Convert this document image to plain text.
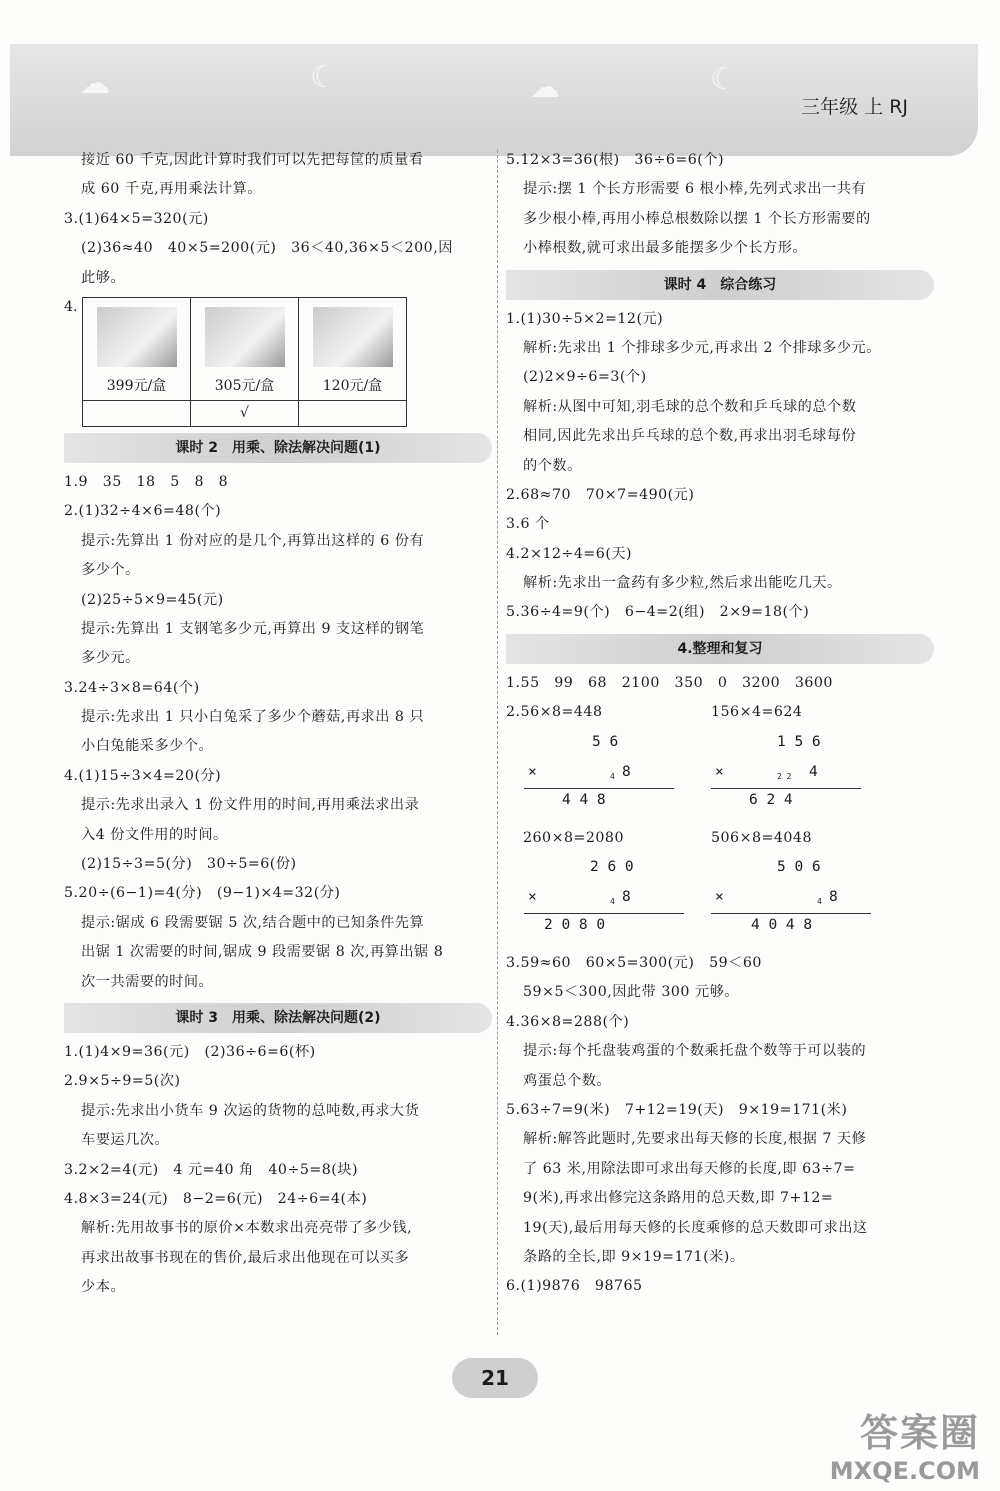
☁	☾	☁	☾
三年级 上 RJ
接近 60 千克,因此计算时我们可以先把每筐的质量看
成 60 千克,再用乘法计算。
3.(1)64×5=320(元)
(2)36≈40　40×5=200(元)　36＜40,36×5＜200,因
此够。
4.
399元/盒	305元/盒	120元/盒

	√	
课时 2　用乘、除法解决问题(1)
1.9　35　18　5　8　8
2.(1)32÷4×6=48(个)
提示:先算出 1 份对应的是几个,再算出这样的 6 份有
多少个。
(2)25÷5×9=45(元)
提示:先算出 1 支钢笔多少元,再算出 9 支这样的钢笔
多少元。
3.24÷3×8=64(个)
提示:先求出 1 只小白兔采了多少个蘑菇,再求出 8 只
小白兔能采多少个。
4.(1)15÷3×4=20(分)
提示:先求出录入 1 份文件用的时间,再用乘法求出录
入4 份文件用的时间。
(2)15÷3=5(分)　30÷5=6(份)
5.20÷(6−1)=4(分)　(9−1)×4=32(分)
提示:锯成 6 段需要锯 5 次,结合题中的已知条件先算
出锯 1 次需要的时间,锯成 9 段需要锯 8 次,再算出锯 8
次一共需要的时间。
课时 3　用乘、除法解决问题(2)
1.(1)4×9=36(元)　(2)36÷6=6(杯)
2.9×5÷9=5(次)
提示:先求出小货车 9 次运的货物的总吨数,再求大货
车要运几次。
3.2×2=4(元)　4 元=40 角　40÷5=8(块)
4.8×3=24(元)　8−2=6(元)　24÷6=4(本)
解析:先用故事书的原价×本数求出亮亮带了多少钱,
再求出故事书现在的售价,最后求出他现在可以买多
少本。
5.12×3=36(根)　36÷6=6(个)
提示:摆 1 个长方形需要 6 根小棒,先列式求出一共有
多少根小棒,再用小棒总根数除以摆 1 个长方形需要的
小棒根数,就可求出最多能摆多少个长方形。
课时 4　综合练习
1.(1)30÷5×2=12(元)
解析:先求出 1 个排球多少元,再求出 2 个排球多少元。
(2)2×9÷6=3(个)
解析:从图中可知,羽毛球的总个数和乒乓球的总个数
相同,因此先求出乒乓球的总个数,再求出羽毛球每份
的个数。
2.68≈70　70×7=490(元)
3.6 个
4.2×12÷4=6(天)
解析:先求出一盒药有多少粒,然后求出能吃几天。
5.36÷4=9(个)　6−4=2(组)　2×9=18(个)
4.整理和复习
1.55　99　68　2100　350　0　3200　3600
2.56×8=448	156×4=624
5 6
×	4 8
4 4 8
1 5 6
×	2 2 4
6 2 4
260×8=2080	506×8=4048
2 6 0
×	4 8
2 0 8 0
5 0 6
×	4 8
4 0 4 8
3.59≈60　60×5=300(元)　59＜60
59×5＜300,因此带 300 元够。
4.36×8=288(个)
提示:每个托盘装鸡蛋的个数乘托盘个数等于可以装的
鸡蛋总个数。
5.63÷7=9(米)　7+12=19(天)　9×19=171(米)
解析:解答此题时,先要求出每天修的长度,根据 7 天修
了 63 米,用除法即可求出每天修的长度,即 63÷7=
9(米),再求出修完这条路用的总天数,即 7+12=
19(天),最后用每天修的长度乘修的总天数即可求出这
条路的全长,即 9×19=171(米)。
6.(1)9876　98765
21
答案圈
MXQE.COM
